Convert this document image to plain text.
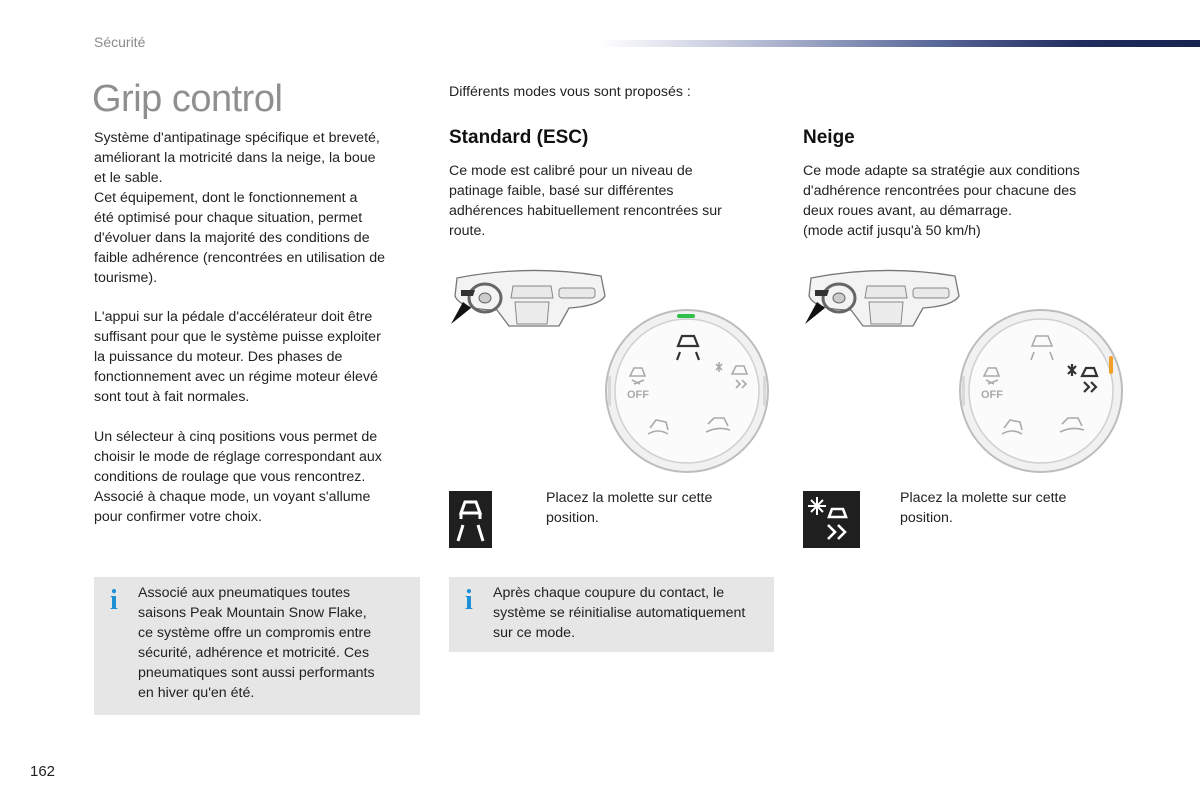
Sécurité
Grip control

Système d'antipatinage spécifique et breveté,

améliorant la motricité dans la neige, la boue

et le sable.

Cet équipement, dont le fonctionnement a

été optimisé pour chaque situation, permet

d'évoluer dans la majorité des conditions de

faible adhérence (rencontrées en utilisation de

tourisme).

L'appui sur la pédale d'accélérateur doit être

suffisant pour que le système puisse exploiter

la puissance du moteur. Des phases de

fonctionnement avec un régime moteur élevé

sont tout à fait normales.

Un sélecteur à cinq positions vous permet de

choisir le mode de réglage correspondant aux

conditions de roulage que vous rencontrez.

Associé à chaque mode, un voyant s'allume

pour confirmer votre choix.

i Associé aux pneumatiques toutes
saisons Peak Mountain Snow Flake,
ce système offre un compromis entre
sécurité, adhérence et motricité. Ces
pneumatiques sont aussi performants
en hiver qu'en été.
Différents modes vous sont proposés :
Standard (ESC)

Ce mode est calibré pour un niveau de

patinage faible, basé sur différentes

adhérences habituellement rencontrées sur

route.

OFF
Placez la molette sur cette
position.
i Après chaque coupure du contact, le
système se réinitialise automatiquement
sur ce mode.
Neige

Ce mode adapte sa stratégie aux conditions

d'adhérence rencontrées pour chacune des

deux roues avant, au démarrage.

(mode actif jusqu'à 50 km/h)

OFF
Placez la molette sur cette
position.
162
